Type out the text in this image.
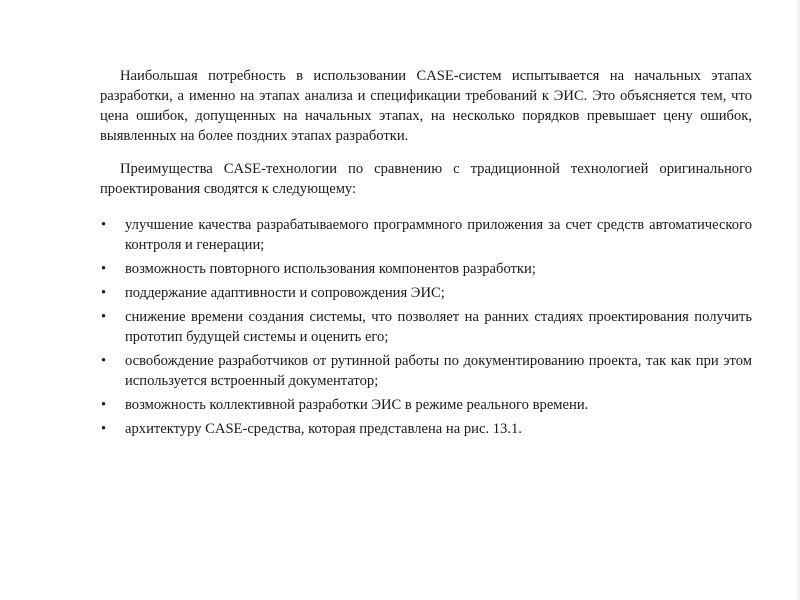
Наибольшая потребность в использовании CASE-систем испытывается на начальных этапах разработки, а именно на этапах анализа и спецификации требований к ЭИС. Это объясняется тем, что цена ошибок, допущенных на начальных этапах, на несколько порядков превышает цену ошибок, выявленных на более поздних этапах разработки.

Преимущества CASE-технологии по сравнению с традиционной технологией оригинального проектирования сводятся к следующему:

•	улучшение качества разрабатываемого программного приложения за счет средств автоматического контроля и генерации;
•	возможность повторного использования компонентов разработки;
•	поддержание адаптивности и сопровождения ЭИС;
•	снижение времени создания системы, что позволяет на ранних стадиях проектирования получить прототип будущей системы и оценить его;
•	освобождение разработчиков от рутинной работы по документированию проекта, так как при этом используется встроенный документатор;
•	возможность коллективной разработки ЭИС в режиме реального времени.
•	архитектуру CASE-средства, которая представлена на рис. 13.1.
